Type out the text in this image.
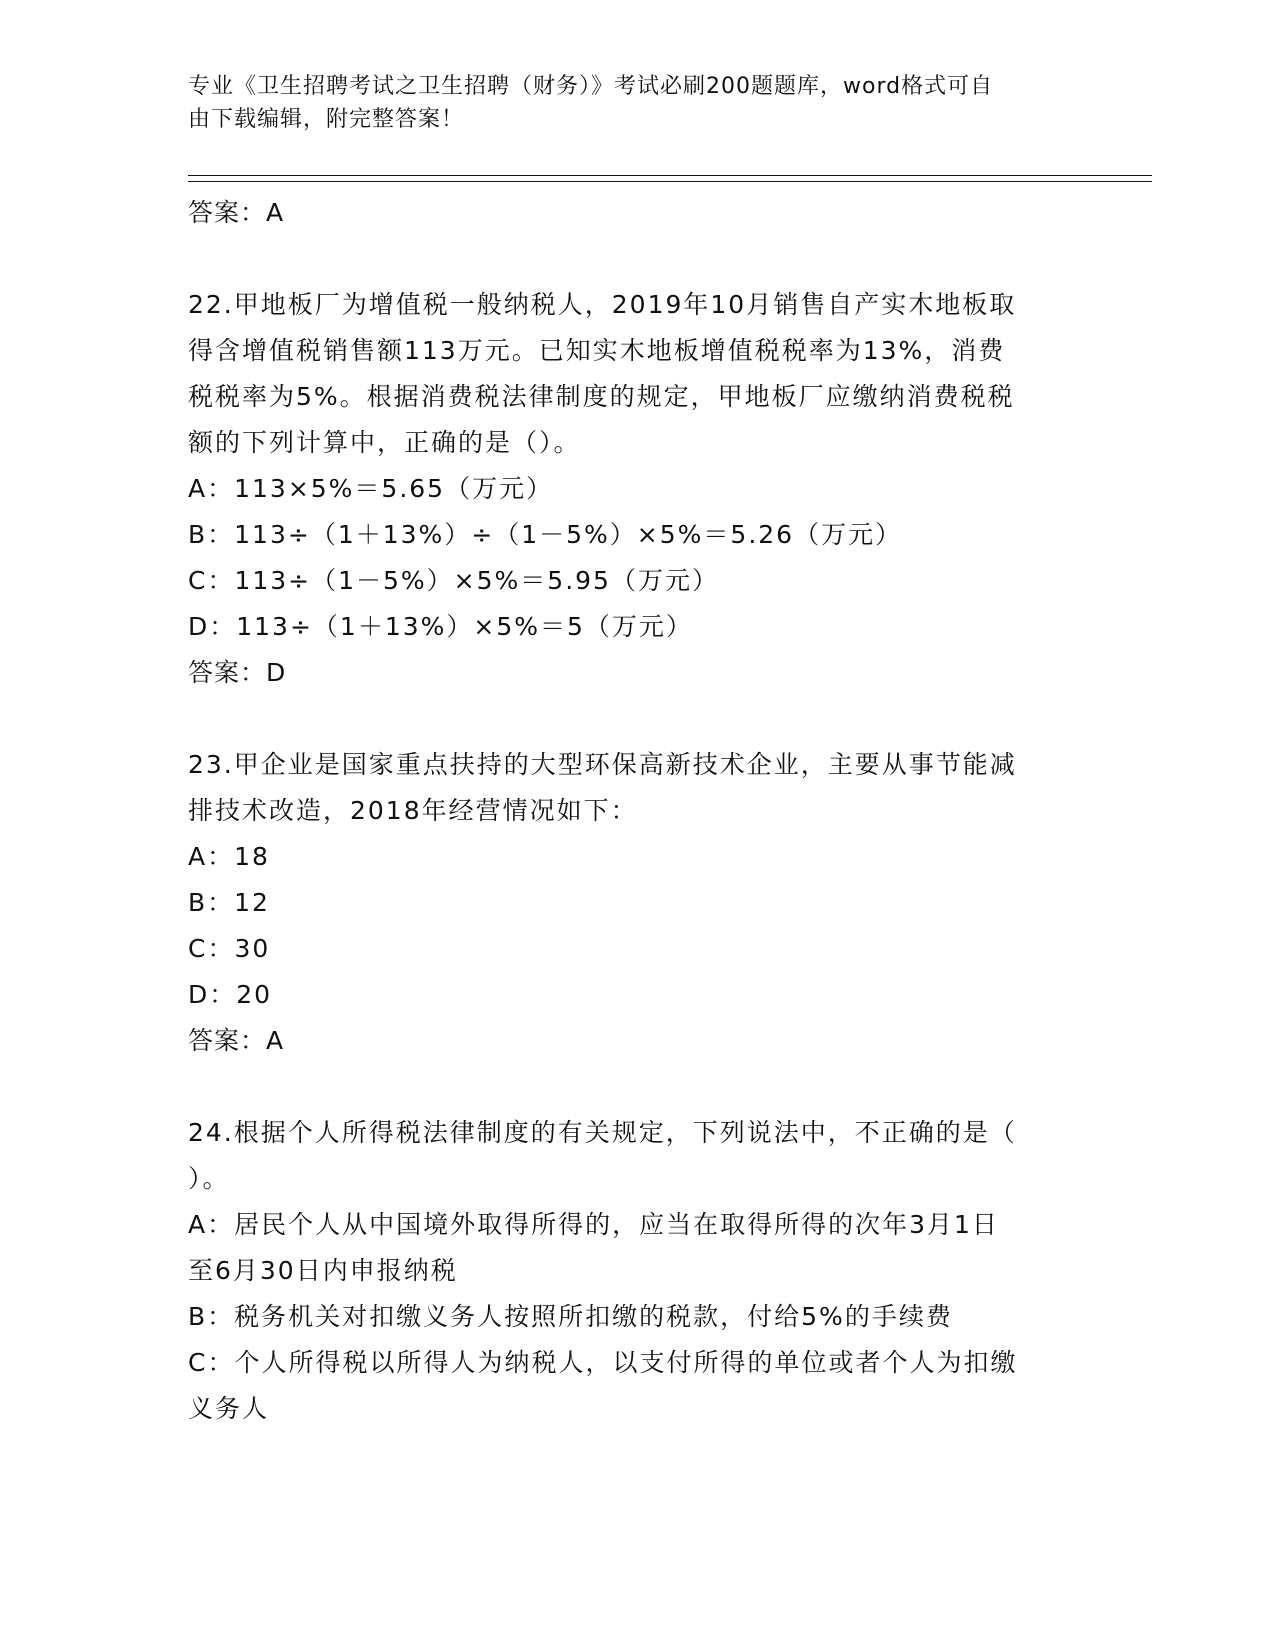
专业《卫生招聘考试之卫生招聘（财务）》考试必刷200题题库，word格式可自
由下载编辑，附完整答案！
答案：A
22.甲地板厂为增值税一般纳税人，2019年10月销售自产实木地板取
得含增值税销售额113万元。已知实木地板增值税税率为13%，消费
税税率为5%。根据消费税法律制度的规定，甲地板厂应缴纳消费税税
额的下列计算中，正确的是（）。
A：113×5%＝5.65（万元）
B：113÷（1＋13%）÷（1－5%）×5%＝5.26（万元）
C：113÷（1－5%）×5%＝5.95（万元）
D：113÷（1＋13%）×5%＝5（万元）
答案：D
23.甲企业是国家重点扶持的大型环保高新技术企业，主要从事节能减
排技术改造，2018年经营情况如下：
A：18
B：12
C：30
D：20
答案：A
24.根据个人所得税法律制度的有关规定，下列说法中，不正确的是（
）。
A：居民个人从中国境外取得所得的，应当在取得所得的次年3月1日
至6月30日内申报纳税
B：税务机关对扣缴义务人按照所扣缴的税款，付给5%的手续费
C：个人所得税以所得人为纳税人，以支付所得的单位或者个人为扣缴
义务人
